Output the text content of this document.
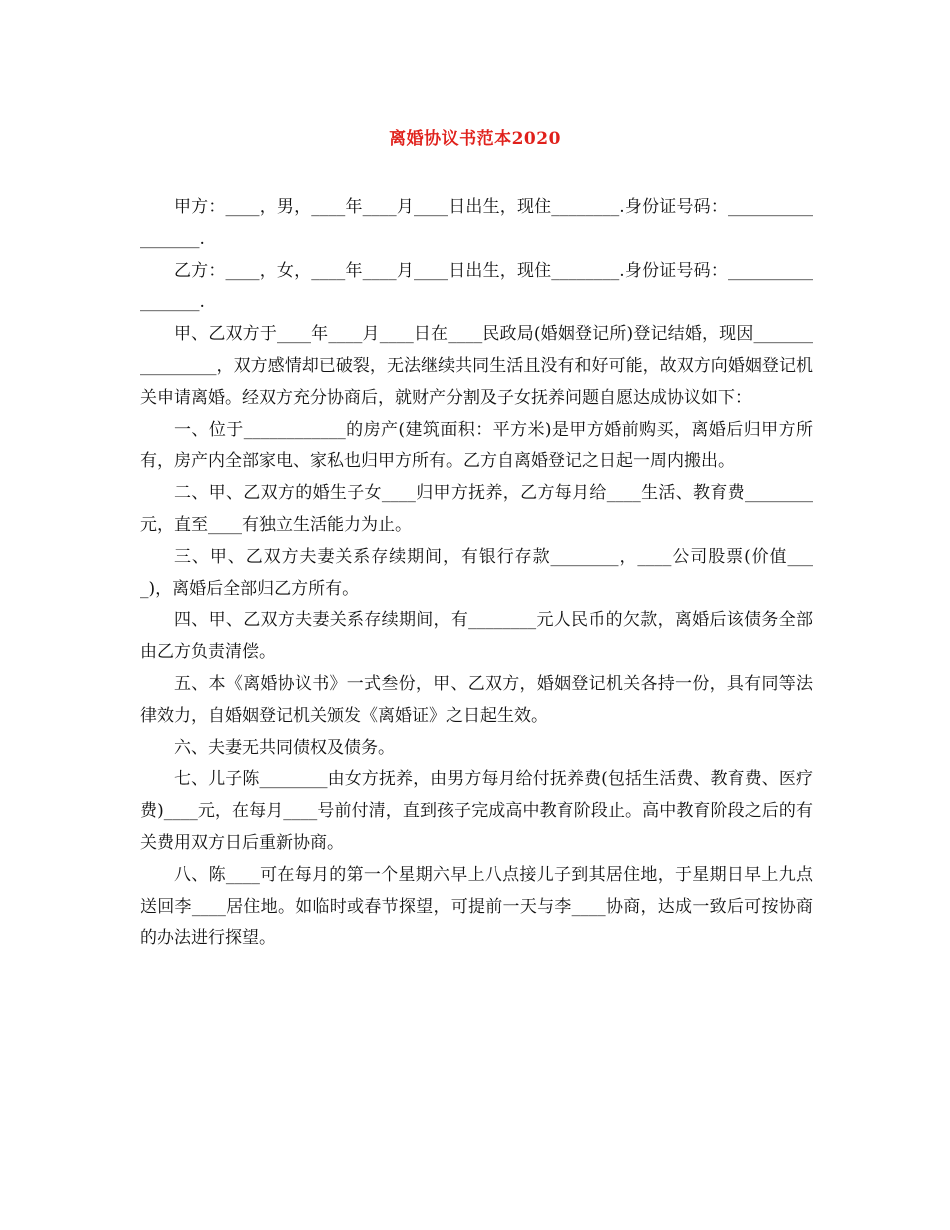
离婚协议书范本2020

甲方：____，男，____年____月____日出生，现住________.身份证号码：_________________.

乙方：____，女，____年____月____日出生，现住________.身份证号码：_________________.

甲、乙双方于____年____月____日在____民政局(婚姻登记所)登记结婚，现因________________，双方感情却已破裂，无法继续共同生活且没有和好可能，故双方向婚姻登记机关申请离婚。经双方充分协商后，就财产分割及子女抚养问题自愿达成协议如下：

一、位于____________的房产(建筑面积：平方米)是甲方婚前购买，离婚后归甲方所有，房产内全部家电、家私也归甲方所有。乙方自离婚登记之日起一周内搬出。

二、甲、乙双方的婚生子女____归甲方抚养，乙方每月给____生活、教育费________元，直至____有独立生活能力为止。

三、甲、乙双方夫妻关系存续期间，有银行存款________，____公司股票(价值____)，离婚后全部归乙方所有。

四、甲、乙双方夫妻关系存续期间，有________元人民币的欠款，离婚后该债务全部由乙方负责清偿。

五、本《离婚协议书》一式叁份，甲、乙双方，婚姻登记机关各持一份，具有同等法律效力，自婚姻登记机关颁发《离婚证》之日起生效。

六、夫妻无共同债权及债务。

七、儿子陈________由女方抚养，由男方每月给付抚养费(包括生活费、教育费、医疗费)____元，在每月____号前付清，直到孩子完成高中教育阶段止。高中教育阶段之后的有关费用双方日后重新协商。

八、陈____可在每月的第一个星期六早上八点接儿子到其居住地，于星期日早上九点送回李____居住地。如临时或春节探望，可提前一天与李____协商，达成一致后可按协商的办法进行探望。
